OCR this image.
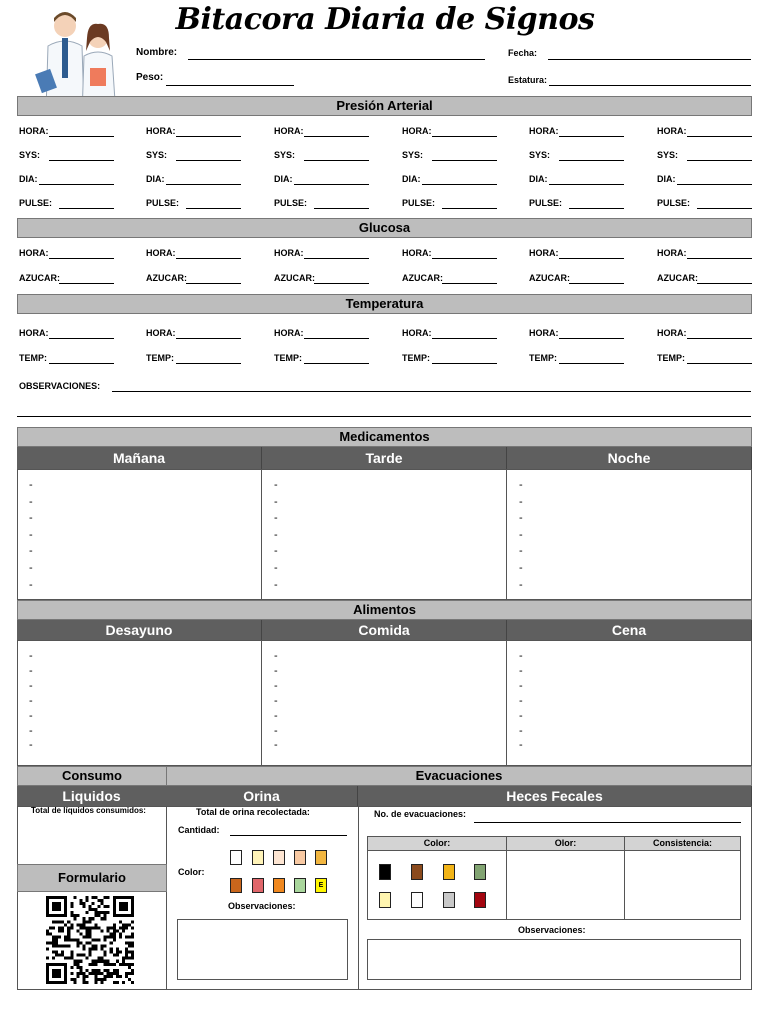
Bitacora Diaria de Signos
Nombre:
Peso:
Fecha:
Estatura:
Presión Arterial
HORA:	HORA:	HORA:	HORA:	HORA:	HORA:
SYS:	SYS:	SYS:	SYS:	SYS:	SYS:
DIA:	DIA:	DIA:	DIA:	DIA:	DIA:
PULSE:	PULSE:	PULSE:	PULSE:	PULSE:	PULSE:
Glucosa
HORA:	HORA:	HORA:	HORA:	HORA:	HORA:
AZUCAR:	AZUCAR:	AZUCAR:	AZUCAR:	AZUCAR:	AZUCAR:
Temperatura
HORA:	HORA:	HORA:	HORA:	HORA:	HORA:
TEMP:	TEMP:	TEMP:	TEMP:	TEMP:	TEMP:
OBSERVACIONES:
Medicamentos
Mañana	Tarde	Noche
-
-
-
-
-
-
-
-
-
-
-
-
-
-
-
-
-
-
-
-
-
Alimentos
Desayuno	Comida	Cena
-
-
-
-
-
-
-
-
-
-
-
-
-
-
-
-
-
-
-
-
-
Consumo	Evacuaciones
Liquidos	Orina	Heces Fecales
Total de líquidos consumidos:
Formulario
Total de orina recolectada:
Cantidad:
Color:
E
Observaciones:
No. de evacuaciones:
Color:	Olor:	Consistencia:
Observaciones:
